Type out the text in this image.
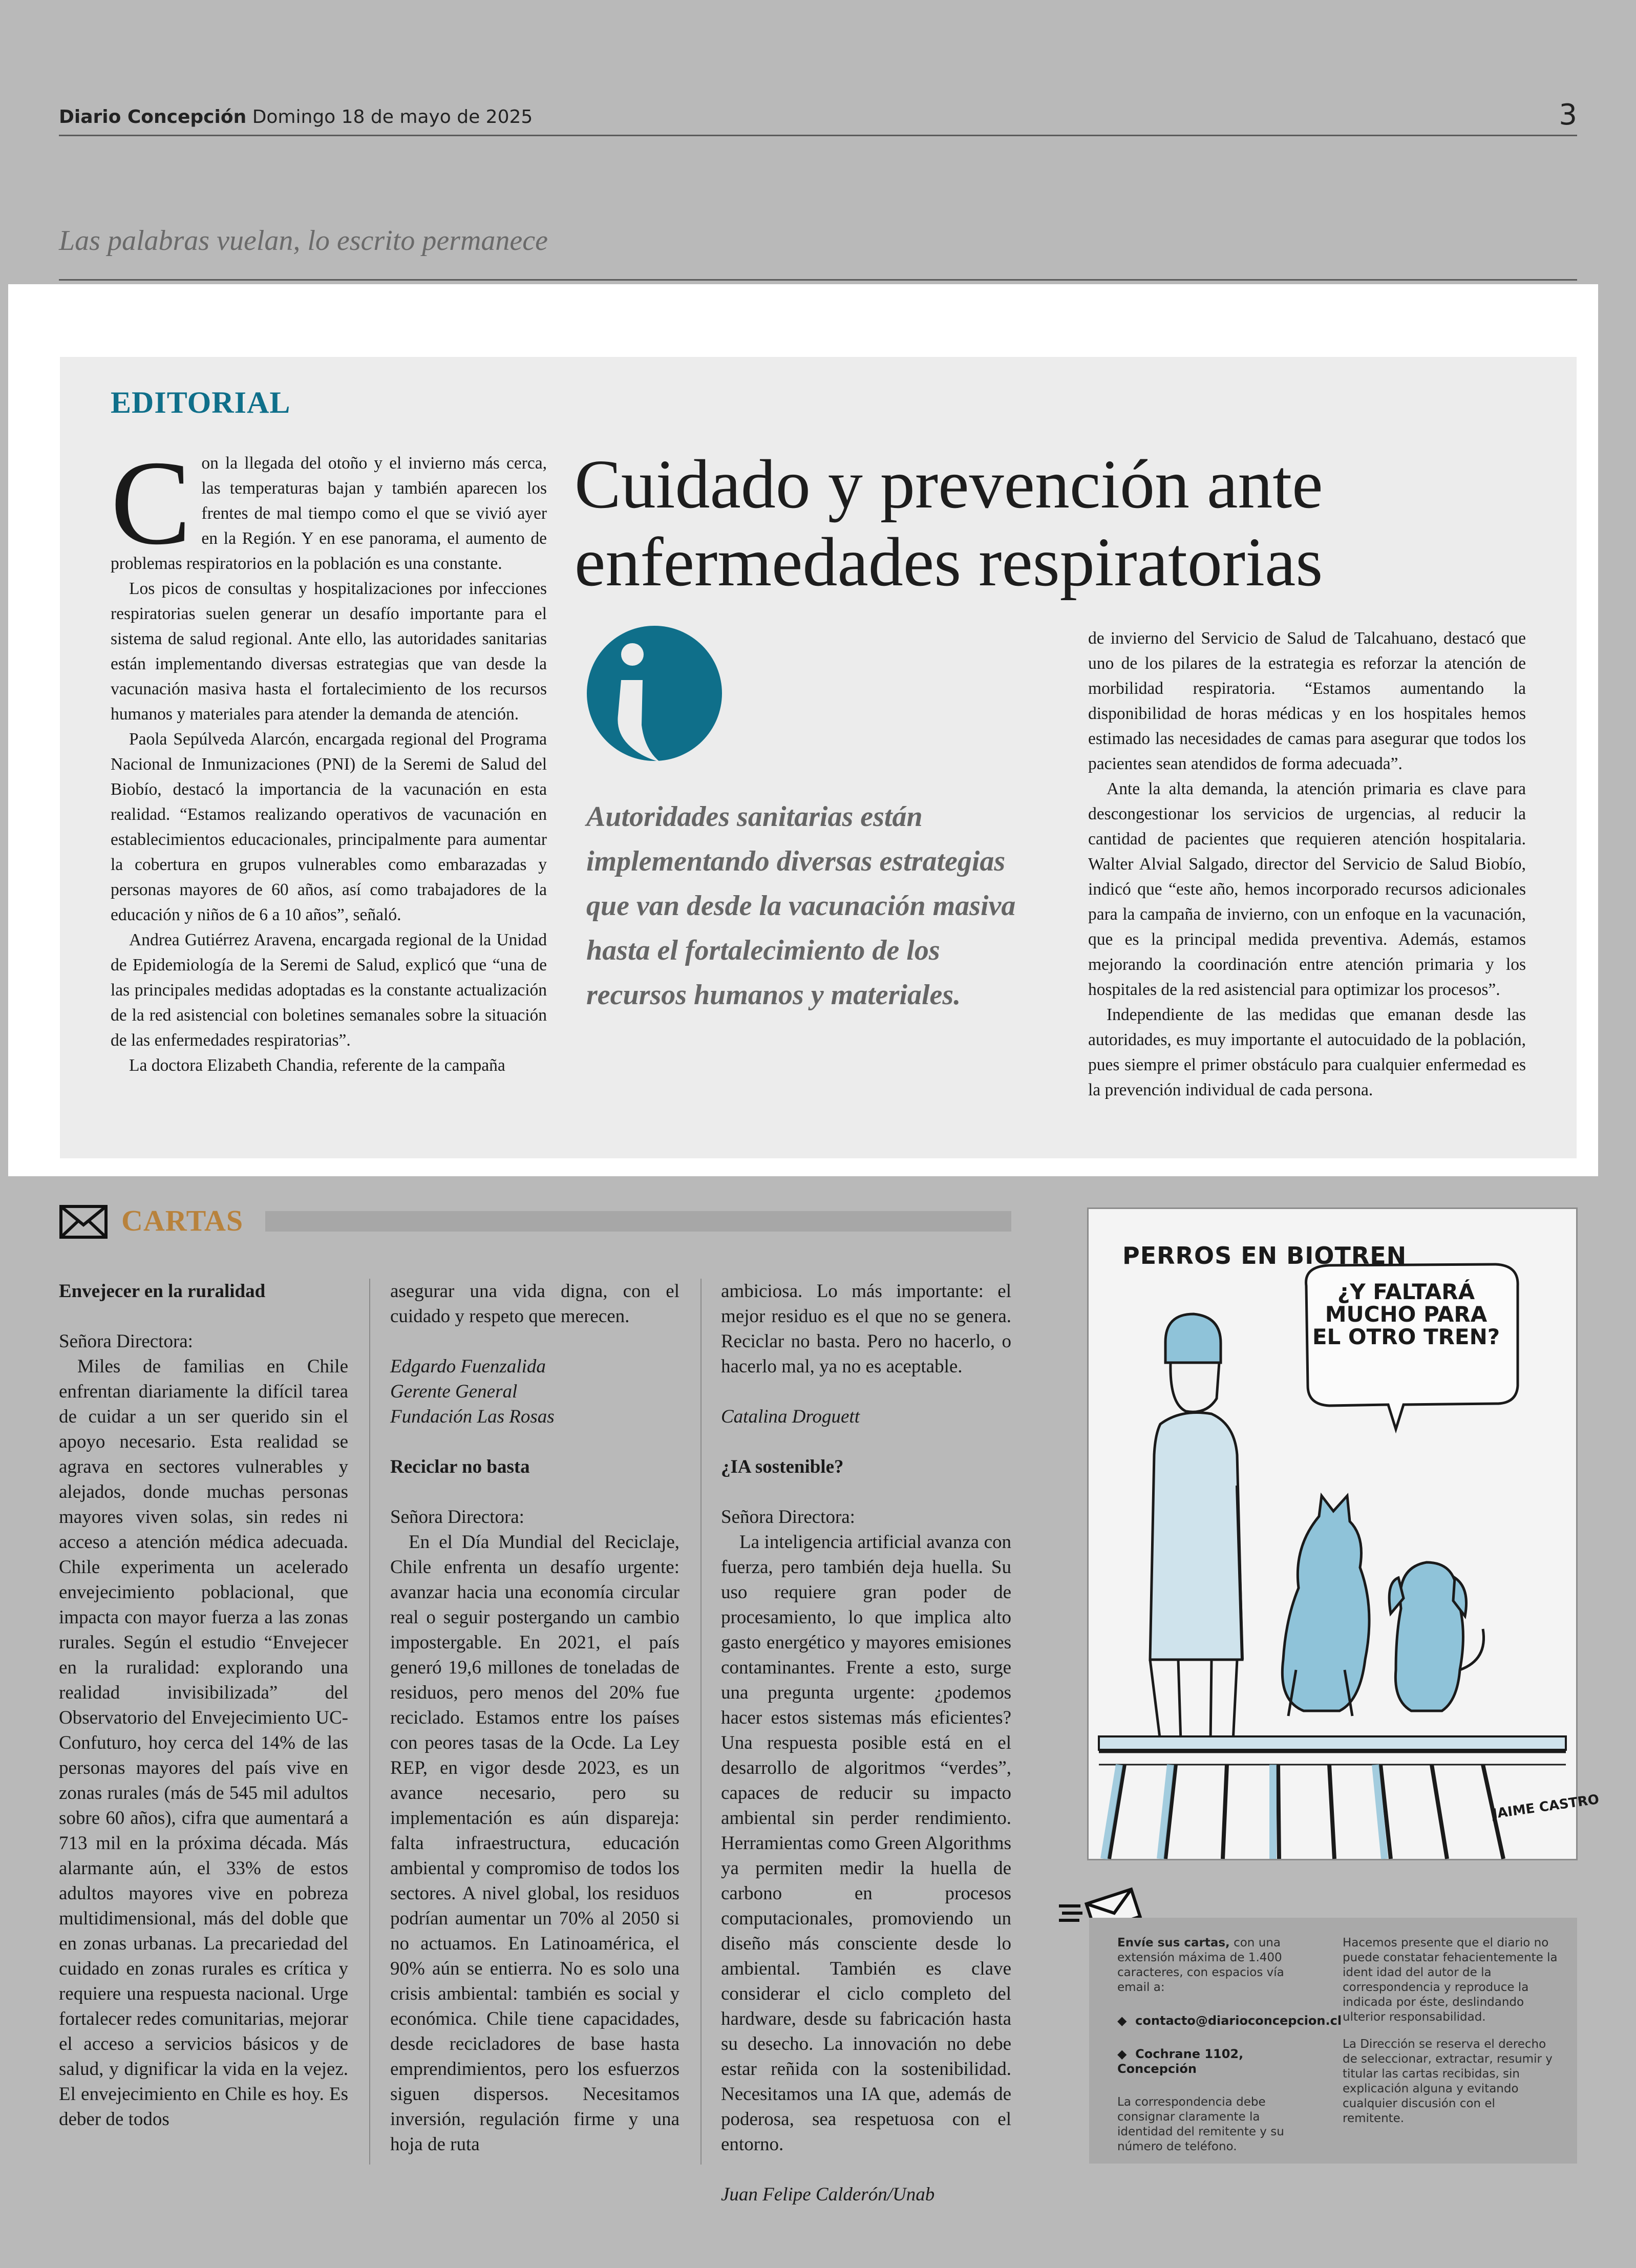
Diario Concepción Domingo 18 de mayo de 2025	3
Las palabras vuelan, lo escrito permanece
EDITORIAL

Con la llegada del otoño y el invierno más cerca, las temperaturas bajan y también aparecen los frentes de mal tiempo como el que se vivió ayer en la Región. Y en ese panorama, el aumento de problemas respiratorios en la población es una constante.

Los picos de consultas y hospitalizaciones por infecciones respiratorias suelen generar un desafío importante para el sistema de salud regional. Ante ello, las autoridades sanitarias están implementando diversas estrategias que van desde la vacunación masiva hasta el fortalecimiento de los recursos humanos y materiales para atender la demanda de atención.

Paola Sepúlveda Alarcón, encargada regional del Programa Nacional de Inmunizaciones (PNI) de la Seremi de Salud del Biobío, destacó la importancia de la vacunación en esta realidad. “Estamos realizando operativos de vacunación en establecimientos educacionales, principalmente para aumentar la cobertura en grupos vulnerables como embarazadas y personas mayores de 60 años, así como trabajadores de la educación y niños de 6 a 10 años”, señaló.

Andrea Gutiérrez Aravena, encargada regional de la Unidad de Epidemiología de la Seremi de Salud, explicó que “una de las principales medidas adoptadas es la constante actualización de la red asistencial con boletines semanales sobre la situación de las enfermedades respiratorias”.

La doctora Elizabeth Chandia, referente de la campaña

Cuidado y prevención ante enfermedades respiratorias
Autoridades sanitarias están implementando diversas estrategias que van desde la vacunación masiva hasta el fortalecimiento de los recursos humanos y materiales.

de invierno del Servicio de Salud de Talcahuano, destacó que uno de los pilares de la estrategia es reforzar la atención de morbilidad respiratoria. “Estamos aumentando la disponibilidad de horas médicas y en los hospitales hemos estimado las necesidades de camas para asegurar que todos los pacientes sean atendidos de forma adecuada”.

Ante la alta demanda, la atención primaria es clave para descongestionar los servicios de urgencias, al reducir la cantidad de pacientes que requieren atención hospitalaria. Walter Alvial Salgado, director del Servicio de Salud Biobío, indicó que “este año, hemos incorporado recursos adicionales para la campaña de invierno, con un enfoque en la vacunación, que es la principal medida preventiva. Además, estamos mejorando la coordinación entre atención primaria y los hospitales de la red asistencial para optimizar los procesos”.

Independiente de las medidas que emanan desde las autoridades, es muy importante el autocuidado de la población, pues siempre el primer obstáculo para cualquier enfermedad es la prevención individual de cada persona.

CARTAS
Envejecer en la ruralidad
Señora Directora:

Miles de familias en Chile enfrentan diariamente la difícil tarea de cuidar a un ser querido sin el apoyo necesario. Esta realidad se agrava en sectores vulnerables y alejados, donde muchas personas mayores viven solas, sin redes ni acceso a atención médica adecuada. Chile experimenta un acelerado envejecimiento poblacional, que impacta con mayor fuerza a las zonas rurales. Según el estudio “Envejecer en la ruralidad: explorando una realidad invisibilizada” del Observatorio del Envejecimiento UC-Confuturo, hoy cerca del 14% de las personas mayores del país vive en zonas rurales (más de 545 mil adultos sobre 60 años), cifra que aumentará a 713 mil en la próxima década. Más alarmante aún, el 33% de estos adultos mayores vive en pobreza multidimensional, más del doble que en zonas urbanas. La precariedad del cuidado en zonas rurales es crítica y requiere una respuesta nacional. Urge fortalecer redes comunitarias, mejorar el acceso a servicios básicos y de salud, y dignificar la vida en la vejez. El envejecimiento en Chile es hoy. Es deber de todos

asegurar una vida digna, con el cuidado y respeto que merecen.

Edgardo Fuenzalida
Gerente General
Fundación Las Rosas
Reciclar no basta
Señora Directora:

En el Día Mundial del Reciclaje, Chile enfrenta un desafío urgente: avanzar hacia una economía circular real o seguir postergando un cambio impostergable. En 2021, el país generó 19,6 millones de toneladas de residuos, pero menos del 20% fue reciclado. Estamos entre los países con peores tasas de la Ocde. La Ley REP, en vigor desde 2023, es un avance necesario, pero su implementación es aún dispareja: falta infraestructura, educación ambiental y compromiso de todos los sectores. A nivel global, los residuos podrían aumentar un 70% al 2050 si no actuamos. En Latinoamérica, el 90% aún se entierra. No es solo una crisis ambiental: también es social y económica. Chile tiene capacidades, desde recicladores de base hasta emprendimientos, pero los esfuerzos siguen dispersos. Necesitamos inversión, regulación firme y una hoja de ruta

ambiciosa. Lo más importante: el mejor residuo es el que no se genera. Reciclar no basta. Pero no hacerlo, o hacerlo mal, ya no es aceptable.

Catalina Droguett
¿IA sostenible?
Señora Directora:

La inteligencia artificial avanza con fuerza, pero también deja huella. Su uso requiere gran poder de procesamiento, lo que implica alto gasto energético y mayores emisiones contaminantes. Frente a esto, surge una pregunta urgente: ¿podemos hacer estos sistemas más eficientes? Una respuesta posible está en el desarrollo de algoritmos “verdes”, capaces de reducir su impacto ambiental sin perder rendimiento. Herramientas como Green Algorithms ya permiten medir la huella de carbono en procesos computacionales, promoviendo un diseño más consciente desde lo ambiental. También es clave considerar el ciclo completo del hardware, desde su fabricación hasta su desecho. La innovación no debe estar reñida con la sostenibilidad. Necesitamos una IA que, además de poderosa, sea respetuosa con el entorno.

Juan Felipe Calderón/Unab
JAIME CASTRO
PERROS EN BIOTREN
¿Y FALTARÁ MUCHO PARA EL OTRO TREN?

Envíe sus cartas, con una extensión máxima de 1.400 caracteres, con espacios vía email a:

◆  contacto@diarioconcepcion.cl
◆  Cochrane 1102, Concepción

La correspondencia debe consignar claramente la identidad del remitente y su número de teléfono.

Hacemos presente que el diario no puede constatar fehacientemente la ident idad del autor de la correspondencia y reproduce la indicada por éste, deslindando ulterior responsabilidad.

La Dirección se reserva el derecho de seleccionar, extractar, resumir y titular las cartas recibidas, sin explicación alguna y evitando cualquier discusión con el remitente.
